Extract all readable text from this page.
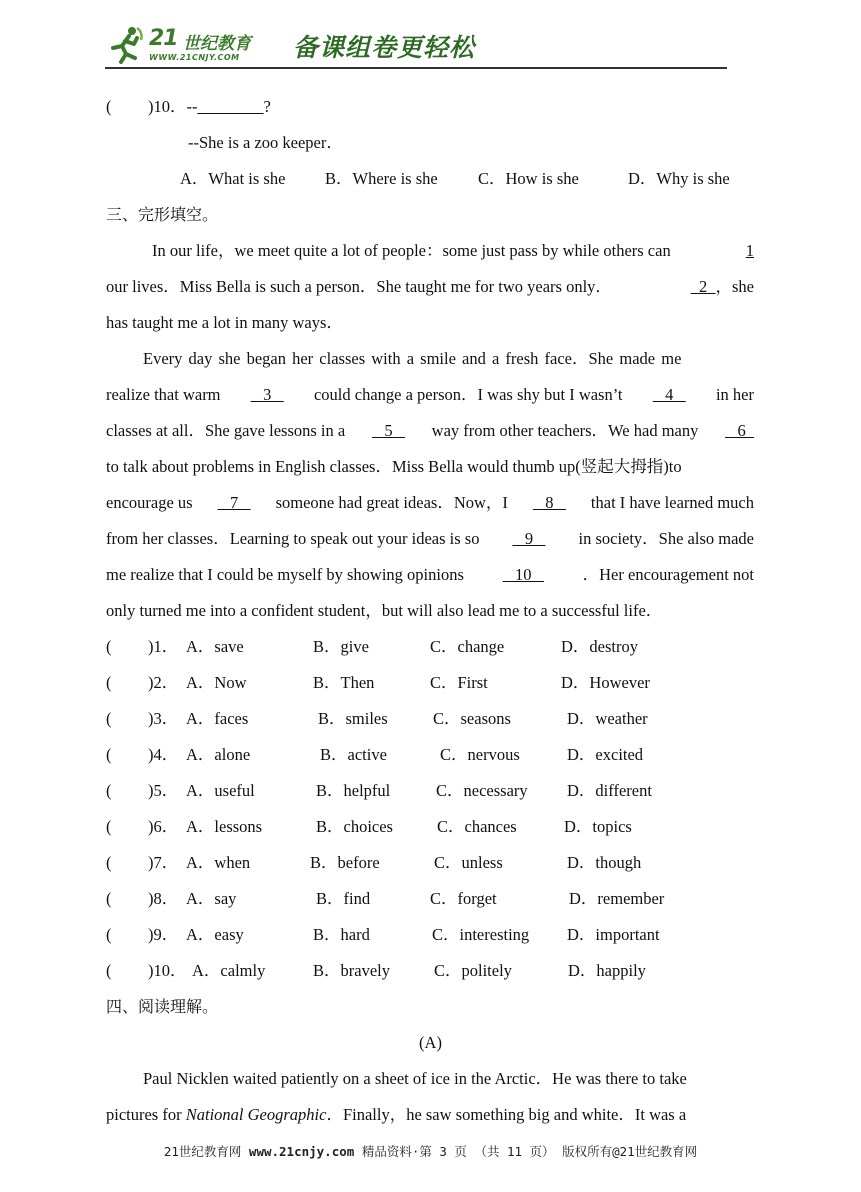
21 世纪教育
WWW.21CNJY.COM 备课组卷更轻松
( )10．--________?
--She is a zoo keeper．
A．What is she B．Where is she C．How is she	D．Why is she
三、完形填空。
In our life，we meet quite a lot of people：some just pass by while others can	1
our lives．Miss Bella is such a person．She taught me for two years only．	2  ，she
has taught me a lot in many ways．
Every day she began her classes with a smile and a fresh face．She made me
realize that warm 3 could change a person．I was shy but I wasn’t 4 in her
classes at all．She gave lessons in a 5 way from other teachers．We had many 6
to talk about problems in English classes．Miss Bella would thumb up(竖起大拇指)to
encourage us 7 someone had great ideas．Now，I 8 that I have learned much
from her classes．Learning to speak out your ideas is so 9 in society．She also made
me realize that I could be myself by showing opinions 10 ．Her encouragement not
only turned me into a confident student，but will also lead me to a successful life．
( )1． A．save	B．give	C．change	D．destroy
( )2． A．Now	B．Then	C．First	D．However
( )3． A．faces	B．smiles	C．seasons	D．weather
( )4． A．alone	B．active	C．nervous	D．excited
( )5． A．useful	B．helpful	C．necessary D．different
( )6． A．lessons	B．choices	C．chances	D．topics
( )7． A．when	B．before	C．unless	D．though
( )8． A．say	B．find	C．forget	D．remember
( )9． A．easy	B．hard	C．interesting D．important
( )10． A．calmly	B．bravely	C．politely	D．happily
四、阅读理解。
(A)
Paul Nicklen waited patiently on a sheet of ice in the Arctic．He was there to take
pictures for National Geographic．Finally，he saw something big and white．It was a
21世纪教育网 www.21cnjy.com 精品资料·第 3 页 （共 11 页） 版权所有@21世纪教育网
